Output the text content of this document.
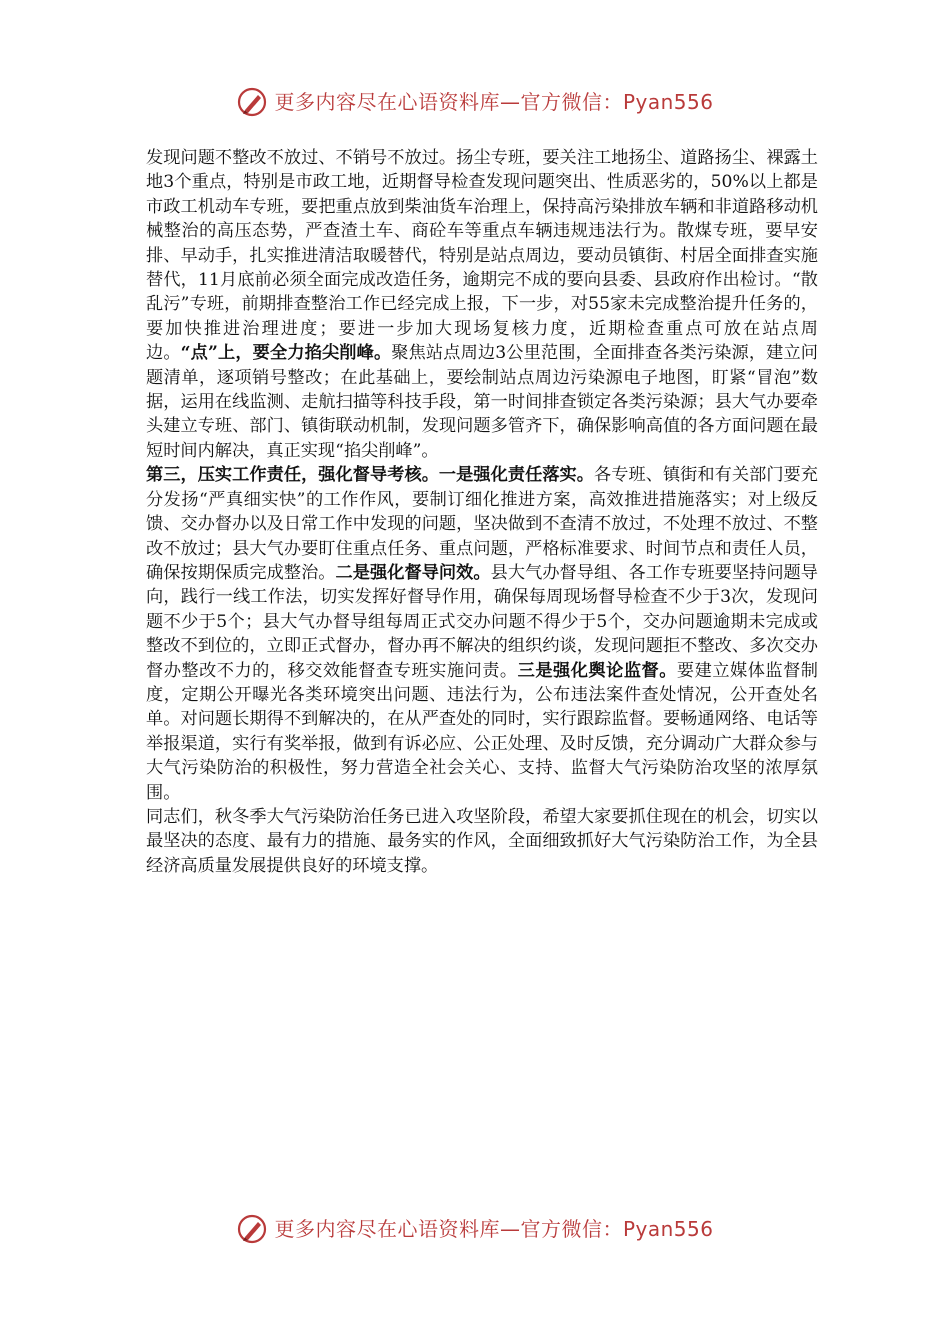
更多内容尽在心语资料库—官方微信：Pyan556

发现问题不整改不放过、不销号不放过。扬尘专班，要关注工地扬尘、道路扬尘、裸露土地3个重点，特别是市政工地，近期督导检查发现问题突出、性质恶劣的，50%以上都是市政工机动车专班，要把重点放到柴油货车治理上，保持高污染排放车辆和非道路移动机械整治的高压态势，严查渣土车、商砼车等重点车辆违规违法行为。散煤专班，要早安排、早动手，扎实推进清洁取暖替代，特别是站点周边，要动员镇街、村居全面排查实施替代，11月底前必须全面完成改造任务，逾期完不成的要向县委、县政府作出检讨。“散乱污”专班，前期排查整治工作已经完成上报，下一步，对55家未完成整治提升任务的，要加快推进治理进度；要进一步加大现场复核力度，近期检查重点可放在站点周边。“点”上，要全力掐尖削峰。聚焦站点周边3公里范围，全面排查各类污染源，建立问题清单，逐项销号整改；在此基础上，要绘制站点周边污染源电子地图，盯紧“冒泡”数据，运用在线监测、走航扫描等科技手段，第一时间排查锁定各类污染源；县大气办要牵头建立专班、部门、镇街联动机制，发现问题多管齐下，确保影响高值的各方面问题在最短时间内解决，真正实现“掐尖削峰”。

第三，压实工作责任，强化督导考核。一是强化责任落实。各专班、镇街和有关部门要充分发扬“严真细实快”的工作作风，要制订细化推进方案，高效推进措施落实；对上级反馈、交办督办以及日常工作中发现的问题，坚决做到不查清不放过，不处理不放过、不整改不放过；县大气办要盯住重点任务、重点问题，严格标准要求、时间节点和责任人员，确保按期保质完成整治。二是强化督导问效。县大气办督导组、各工作专班要坚持问题导向，践行一线工作法，切实发挥好督导作用，确保每周现场督导检查不少于3次，发现问题不少于5个；县大气办督导组每周正式交办问题不得少于5个，交办问题逾期未完成或整改不到位的，立即正式督办，督办再不解决的组织约谈，发现问题拒不整改、多次交办督办整改不力的，移交效能督查专班实施问责。三是强化舆论监督。要建立媒体监督制度，定期公开曝光各类环境突出问题、违法行为，公布违法案件查处情况，公开查处名单。对问题长期得不到解决的，在从严查处的同时，实行跟踪监督。要畅通网络、电话等举报渠道，实行有奖举报，做到有诉必应、公正处理、及时反馈，充分调动广大群众参与大气污染防治的积极性，努力营造全社会关心、支持、监督大气污染防治攻坚的浓厚氛围。

同志们，秋冬季大气污染防治任务已进入攻坚阶段，希望大家要抓住现在的机会，切实以最坚决的态度、最有力的措施、最务实的作风，全面细致抓好大气污染防治工作，为全县经济高质量发展提供良好的环境支撑。

更多内容尽在心语资料库—官方微信：Pyan556
